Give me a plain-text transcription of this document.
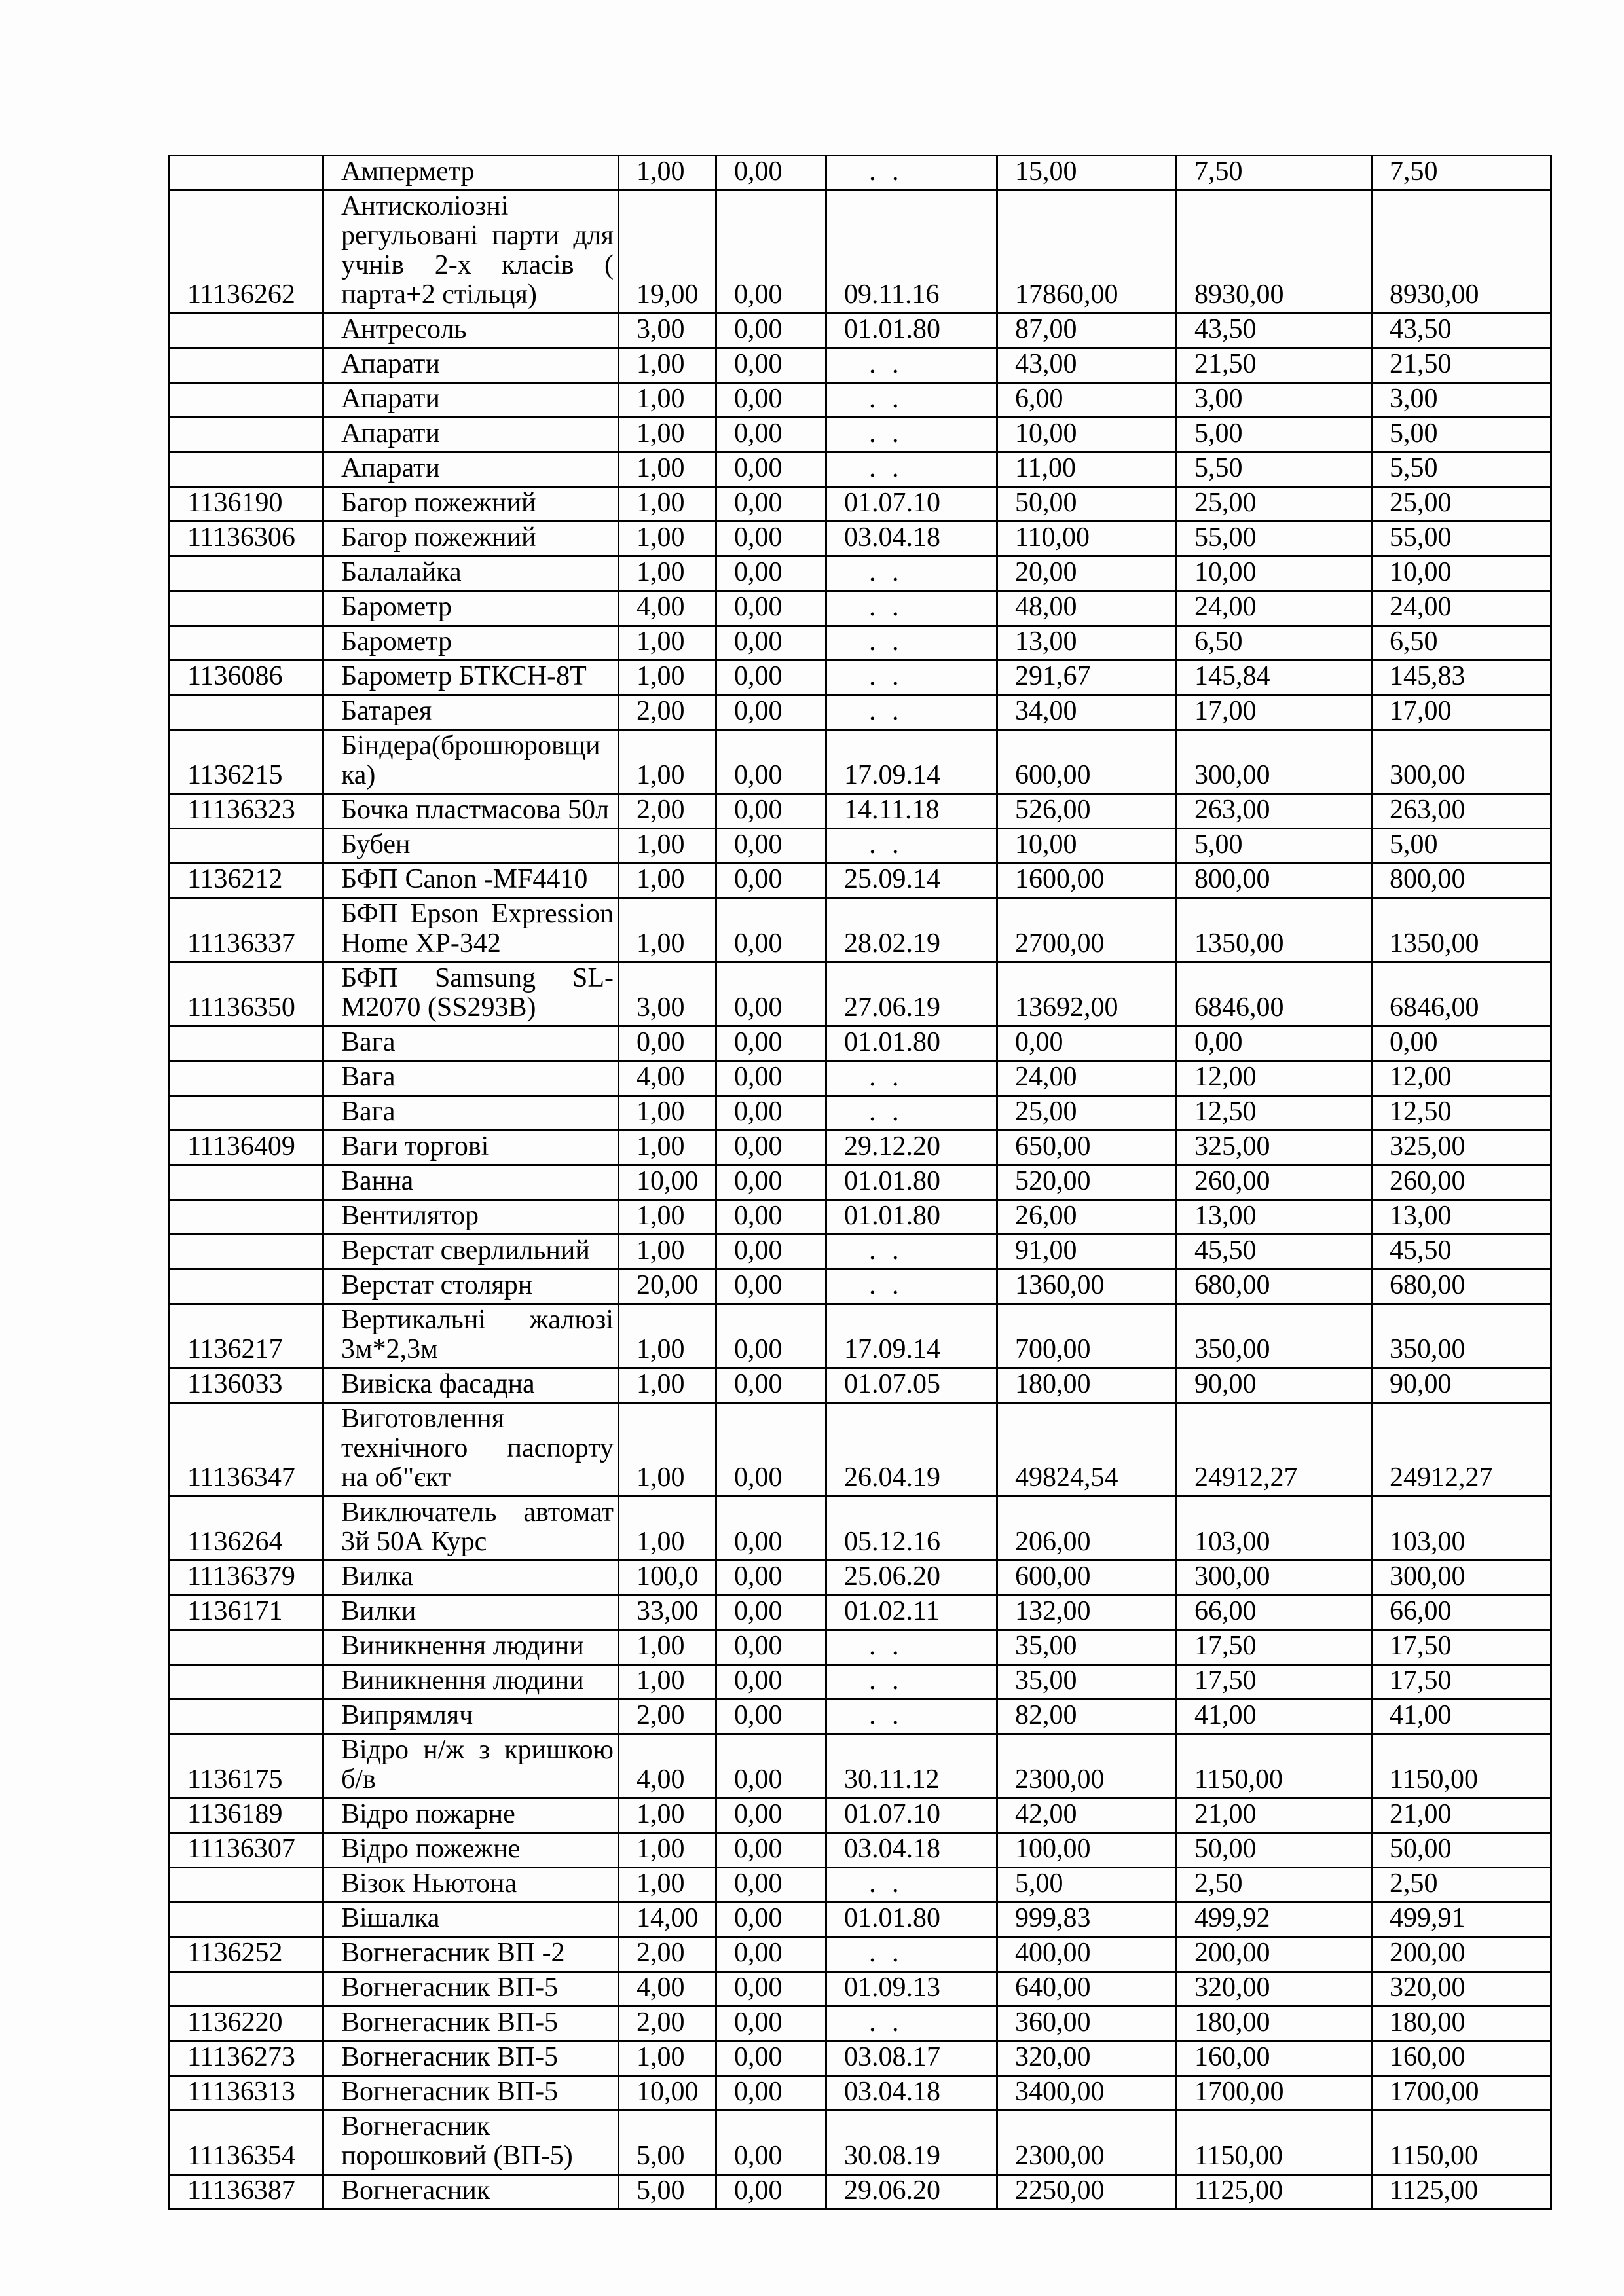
	Амперметр	1,00	0,00	. .	15,00	7,50	7,50
11136262	Антисколіозні регульовані парти для учнів 2-х класів ( парта+2 стільця)	19,00	0,00	09.11.16	17860,00	8930,00	8930,00
	Антресоль	3,00	0,00	01.01.80	87,00	43,50	43,50
	Апарати	1,00	0,00	. .	43,00	21,50	21,50
	Апарати	1,00	0,00	. .	6,00	3,00	3,00
	Апарати	1,00	0,00	. .	10,00	5,00	5,00
	Апарати	1,00	0,00	. .	11,00	5,50	5,50
1136190	Багор пожежний	1,00	0,00	01.07.10	50,00	25,00	25,00
11136306	Багор пожежний	1,00	0,00	03.04.18	110,00	55,00	55,00
	Балалайка	1,00	0,00	. .	20,00	10,00	10,00
	Барометр	4,00	0,00	. .	48,00	24,00	24,00
	Барометр	1,00	0,00	. .	13,00	6,50	6,50
1136086	Барометр БТКСН-8Т	1,00	0,00	. .	291,67	145,84	145,83
	Батарея	2,00	0,00	. .	34,00	17,00	17,00
1136215	Біндера(брошюровщика)	1,00	0,00	17.09.14	600,00	300,00	300,00
11136323	Бочка пластмасова 50л	2,00	0,00	14.11.18	526,00	263,00	263,00
	Бубен	1,00	0,00	. .	10,00	5,00	5,00
1136212	БФП Canon -MF4410	1,00	0,00	25.09.14	1600,00	800,00	800,00
11136337	БФП Epson Expression Home XP-342	1,00	0,00	28.02.19	2700,00	1350,00	1350,00
11136350	БФП Samsung SL-M2070 (SS293B)	3,00	0,00	27.06.19	13692,00	6846,00	6846,00
	Вага	0,00	0,00	01.01.80	0,00	0,00	0,00
	Вага	4,00	0,00	. .	24,00	12,00	12,00
	Вага	1,00	0,00	. .	25,00	12,50	12,50
11136409	Ваги торгові	1,00	0,00	29.12.20	650,00	325,00	325,00
	Ванна	10,00	0,00	01.01.80	520,00	260,00	260,00
	Вентилятор	1,00	0,00	01.01.80	26,00	13,00	13,00
	Верстат сверлильний	1,00	0,00	. .	91,00	45,50	45,50
	Верстат столярн	20,00	0,00	. .	1360,00	680,00	680,00
1136217	Вертикальні жалюзі 3м*2,3м	1,00	0,00	17.09.14	700,00	350,00	350,00
1136033	Вивіска фасадна	1,00	0,00	01.07.05	180,00	90,00	90,00
11136347	Виготовлення технічного паспорту на об"єкт	1,00	0,00	26.04.19	49824,54	24912,27	24912,27
1136264	Виключатель автомат 3й 50А Курс	1,00	0,00	05.12.16	206,00	103,00	103,00
11136379	Вилка	100,0	0,00	25.06.20	600,00	300,00	300,00
1136171	Вилки	33,00	0,00	01.02.11	132,00	66,00	66,00
	Виникнення людини	1,00	0,00	. .	35,00	17,50	17,50
	Виникнення людини	1,00	0,00	. .	35,00	17,50	17,50
	Випрямляч	2,00	0,00	. .	82,00	41,00	41,00
1136175	Відро н/ж з кришкою б/в	4,00	0,00	30.11.12	2300,00	1150,00	1150,00
1136189	Відро пожарне	1,00	0,00	01.07.10	42,00	21,00	21,00
11136307	Відро пожежне	1,00	0,00	03.04.18	100,00	50,00	50,00
	Візок Ньютона	1,00	0,00	. .	5,00	2,50	2,50
	Вішалка	14,00	0,00	01.01.80	999,83	499,92	499,91
1136252	Вогнегасник ВП -2	2,00	0,00	. .	400,00	200,00	200,00
	Вогнегасник ВП-5	4,00	0,00	01.09.13	640,00	320,00	320,00
1136220	Вогнегасник ВП-5	2,00	0,00	. .	360,00	180,00	180,00
11136273	Вогнегасник ВП-5	1,00	0,00	03.08.17	320,00	160,00	160,00
11136313	Вогнегасник ВП-5	10,00	0,00	03.04.18	3400,00	1700,00	1700,00
11136354	Вогнегасник порошковий (ВП-5)	5,00	0,00	30.08.19	2300,00	1150,00	1150,00
11136387	Вогнегасник	5,00	0,00	29.06.20	2250,00	1125,00	1125,00
